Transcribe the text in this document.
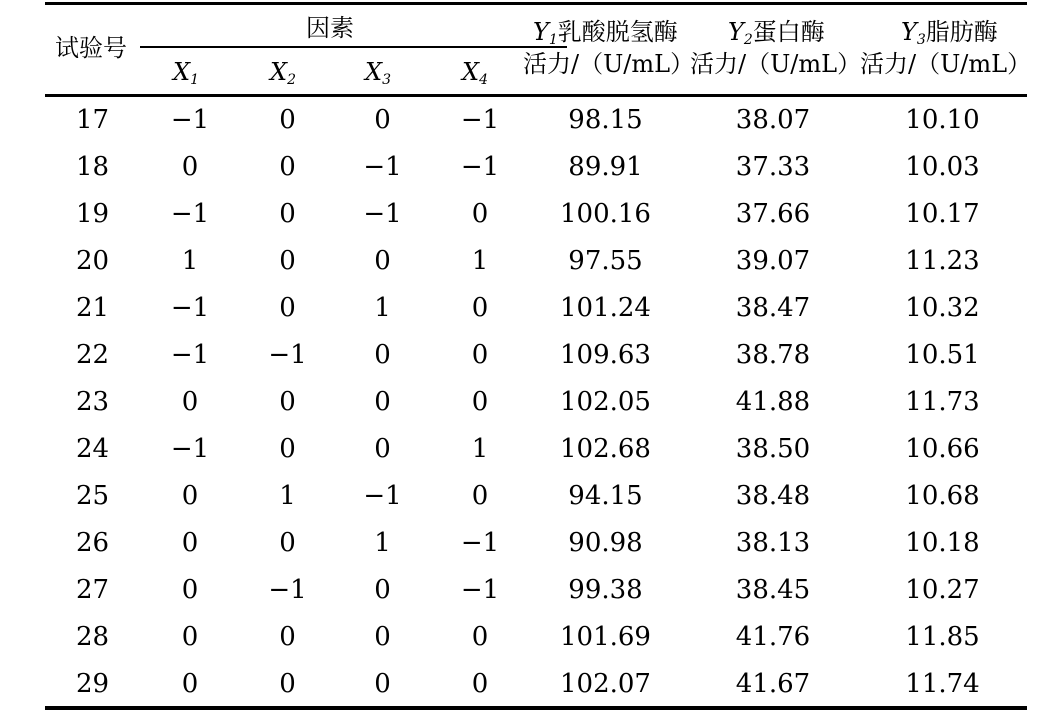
试验号
因素
$X_1$	$X_2$	$X_3$	$X_4$
$Y_1$乳酸脱氢酶
活力/（U/mL）
$Y_2$蛋白酶
活力/（U/mL）
$Y_3$脂肪酶
活力/（U/mL）
17	−1	0	0	−1	98.15	38.07	10.10
18	0	0	−1	−1	89.91	37.33	10.03
19	−1	0	−1	0	100.16	37.66	10.17
20	1	0	0	1	97.55	39.07	11.23
21	−1	0	1	0	101.24	38.47	10.32
22	−1	−1	0	0	109.63	38.78	10.51
23	0	0	0	0	102.05	41.88	11.73
24	−1	0	0	1	102.68	38.50	10.66
25	0	1	−1	0	94.15	38.48	10.68
26	0	0	1	−1	90.98	38.13	10.18
27	0	−1	0	−1	99.38	38.45	10.27
28	0	0	0	0	101.69	41.76	11.85
29	0	0	0	0	102.07	41.67	11.74
